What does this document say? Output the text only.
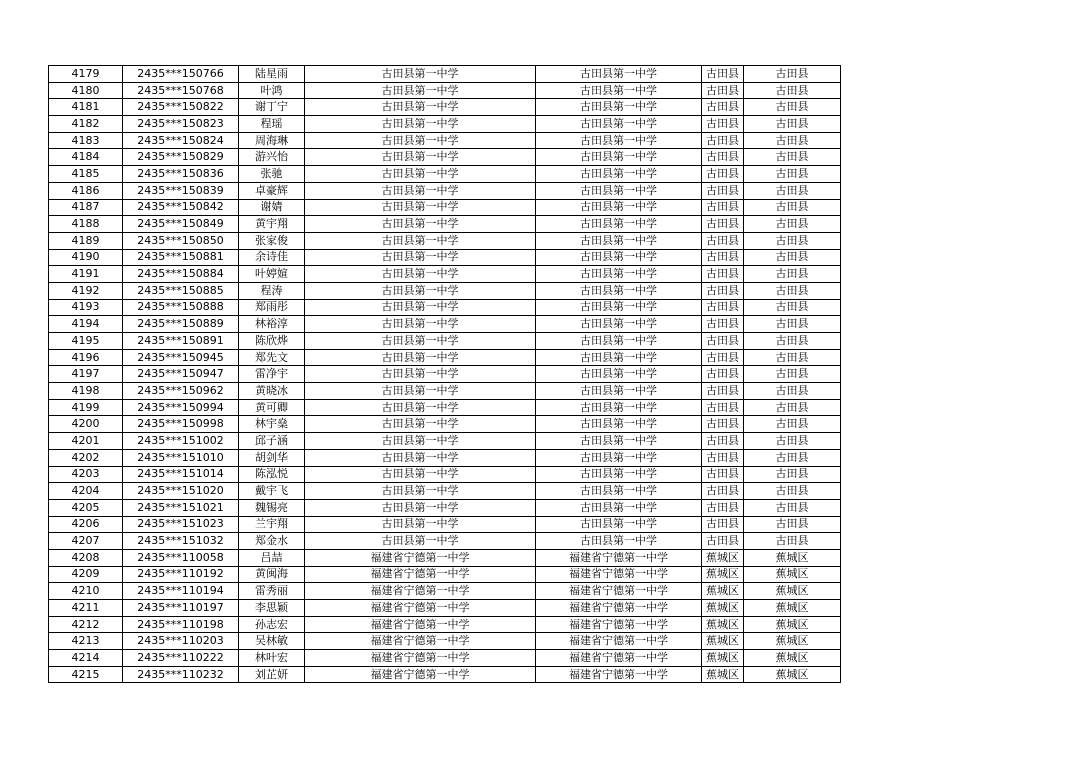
4179	2435***150766	陆星雨	古田县第一中学	古田县第一中学	古田县	古田县
4180	2435***150768	叶鸿	古田县第一中学	古田县第一中学	古田县	古田县
4181	2435***150822	谢丁宁	古田县第一中学	古田县第一中学	古田县	古田县
4182	2435***150823	程瑶	古田县第一中学	古田县第一中学	古田县	古田县
4183	2435***150824	周海琳	古田县第一中学	古田县第一中学	古田县	古田县
4184	2435***150829	游兴怡	古田县第一中学	古田县第一中学	古田县	古田县
4185	2435***150836	张驰	古田县第一中学	古田县第一中学	古田县	古田县
4186	2435***150839	卓豪辉	古田县第一中学	古田县第一中学	古田县	古田县
4187	2435***150842	谢婧	古田县第一中学	古田县第一中学	古田县	古田县
4188	2435***150849	黄宇翔	古田县第一中学	古田县第一中学	古田县	古田县
4189	2435***150850	张家俊	古田县第一中学	古田县第一中学	古田县	古田县
4190	2435***150881	余诗佳	古田县第一中学	古田县第一中学	古田县	古田县
4191	2435***150884	叶婷媗	古田县第一中学	古田县第一中学	古田县	古田县
4192	2435***150885	程涛	古田县第一中学	古田县第一中学	古田县	古田县
4193	2435***150888	郑雨彤	古田县第一中学	古田县第一中学	古田县	古田县
4194	2435***150889	林裕淳	古田县第一中学	古田县第一中学	古田县	古田县
4195	2435***150891	陈欣烨	古田县第一中学	古田县第一中学	古田县	古田县
4196	2435***150945	郑先文	古田县第一中学	古田县第一中学	古田县	古田县
4197	2435***150947	雷净宇	古田县第一中学	古田县第一中学	古田县	古田县
4198	2435***150962	黄晓冰	古田县第一中学	古田县第一中学	古田县	古田县
4199	2435***150994	黄可卿	古田县第一中学	古田县第一中学	古田县	古田县
4200	2435***150998	林宇燊	古田县第一中学	古田县第一中学	古田县	古田县
4201	2435***151002	邱子涵	古田县第一中学	古田县第一中学	古田县	古田县
4202	2435***151010	胡剑华	古田县第一中学	古田县第一中学	古田县	古田县
4203	2435***151014	陈泓悦	古田县第一中学	古田县第一中学	古田县	古田县
4204	2435***151020	戴宇飞	古田县第一中学	古田县第一中学	古田县	古田县
4205	2435***151021	魏锡亮	古田县第一中学	古田县第一中学	古田县	古田县
4206	2435***151023	兰宇翔	古田县第一中学	古田县第一中学	古田县	古田县
4207	2435***151032	郑金水	古田县第一中学	古田县第一中学	古田县	古田县
4208	2435***110058	吕喆	福建省宁德第一中学	福建省宁德第一中学	蕉城区	蕉城区
4209	2435***110192	黄闽海	福建省宁德第一中学	福建省宁德第一中学	蕉城区	蕉城区
4210	2435***110194	雷秀丽	福建省宁德第一中学	福建省宁德第一中学	蕉城区	蕉城区
4211	2435***110197	李思颖	福建省宁德第一中学	福建省宁德第一中学	蕉城区	蕉城区
4212	2435***110198	孙志宏	福建省宁德第一中学	福建省宁德第一中学	蕉城区	蕉城区
4213	2435***110203	吴林敏	福建省宁德第一中学	福建省宁德第一中学	蕉城区	蕉城区
4214	2435***110222	林叶宏	福建省宁德第一中学	福建省宁德第一中学	蕉城区	蕉城区
4215	2435***110232	刘芷妍	福建省宁德第一中学	福建省宁德第一中学	蕉城区	蕉城区
